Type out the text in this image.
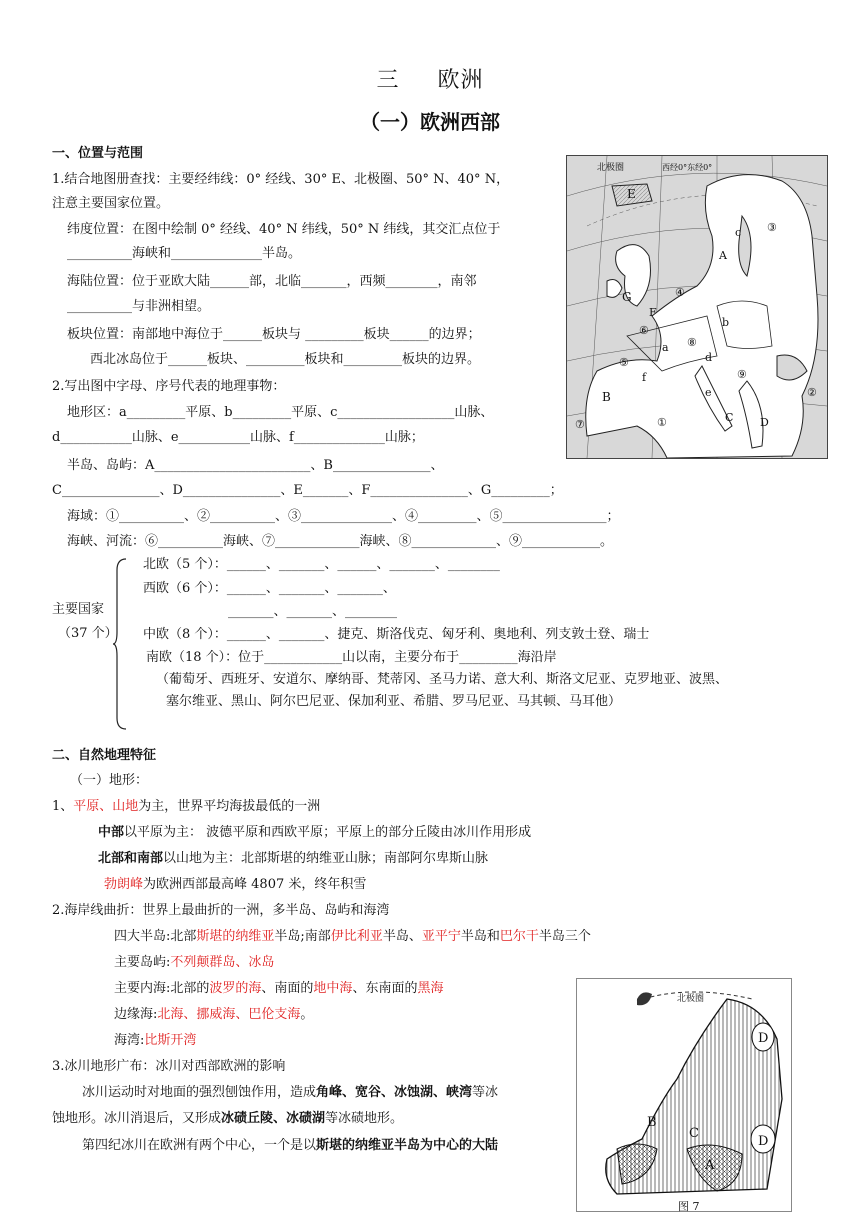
三 欧洲
（一）欧洲西部
一、位置与范围
1.结合地图册查找：主要经纬线：0° 经线、30° E、北极圈、50° N、40° N，
注意主要国家位置。
纬度位置：在图中绘制 0° 经线、40° N 纬线，50° N 纬线，其交汇点位于
__________海峡和______________半岛。
海陆位置：位于亚欧大陆______部，北临_______，西频________，南邻
__________与非洲相望。
板块位置：南部地中海位于______板块与 _________板块______的边界；
西北冰岛位于______板块、_________板块和_________板块的边界。
2.写出图中字母、序号代表的地理事物：
地形区：a_________平原、b_________平原、c__________________山脉、
d___________山脉、e___________山脉、f______________山脉；
半岛、岛屿：A________________________、B_______________、
C_______________、D_______________、E_______、F_______________、G_________；
海域：①__________、②__________、③______________、④_________、⑤________________；
海峡、河流：⑥__________海峡、⑦_____________海峡、⑧_____________、⑨____________。
主要国家
（37 个）
北欧（5 个）：______、_______、______、_______、________
西欧（6 个）：______、_______、_______、
_______、_______、________
中欧（8 个）：______、_______、捷克、斯洛伐克、匈牙利、奥地利、列支敦士登、瑞士
南欧（18 个）：位于____________山以南，主要分布于_________海沿岸
（葡萄牙、西班牙、安道尔、摩纳哥、梵蒂冈、圣马力诺、意大利、斯洛文尼亚、克罗地亚、波黑、
塞尔维亚、黑山、阿尔巴尼亚、保加利亚、希腊、罗马尼亚、马其顿、马耳他）
二、自然地理特征
（一）地形：
1、平原、山地为主，世界平均海拔最低的一洲
中部以平原为主： 波德平原和西欧平原；平原上的部分丘陵由冰川作用形成
北部和南部以山地为主：北部斯堪的纳维亚山脉；南部阿尔卑斯山脉
勃朗峰为欧洲西部最高峰 4807 米，终年积雪
2.海岸线曲折：世界上最曲折的一洲，多半岛、岛屿和海湾
四大半岛:北部斯堪的纳维亚半岛;南部伊比利亚半岛、亚平宁半岛和巴尔干半岛三个
主要岛屿:不列颠群岛、冰岛
主要内海:北部的波罗的海、南面的地中海、东南面的黑海
边缘海:北海、挪威海、巴伦支海。
海湾:比斯开湾
3.冰川地形广布：冰川对西部欧洲的影响
冰川运动时对地面的强烈刨蚀作用，造成角峰、宽谷、冰蚀湖、峡湾等冰
蚀地形。冰川消退后，又形成冰碛丘陵、冰碛湖等冰碛地形。
第四纪冰川在欧洲有两个中心，一个是以斯堪的纳维亚半岛为中心的大陆
E
北极圈	西经0°东经0°
c
A
G
F
b
a
d
e
f
B
C D
④
⑧
③
⑥
⑨
⑤
②
⑦	①
北极圈
D
B
C
D
A
图 7
